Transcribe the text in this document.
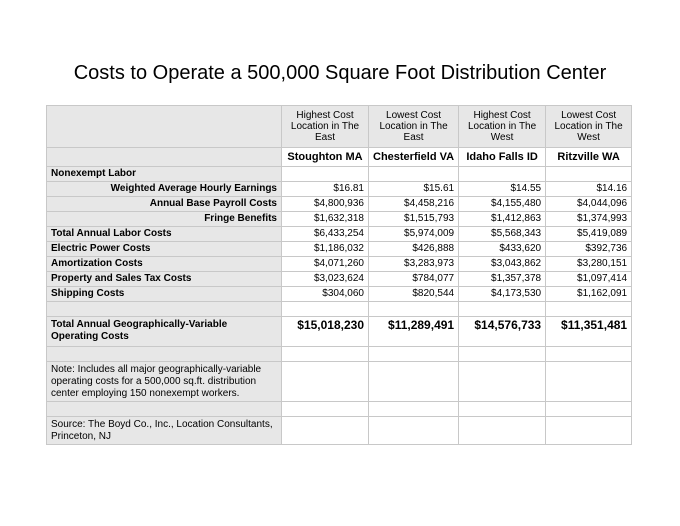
Costs to Operate a 500,000 Square Foot Distribution Center
	Highest Cost Location in The East	Lowest Cost Location in The East	Highest Cost Location in The West	Lowest Cost Location in The West
	Stoughton MA	Chesterfield VA	Idaho Falls ID	Ritzville WA
Nonexempt Labor				
Weighted Average Hourly Earnings	$16.81	$15.61	$14.55	$14.16
Annual Base Payroll Costs	$4,800,936	$4,458,216	$4,155,480	$4,044,096
Fringe Benefits	$1,632,318	$1,515,793	$1,412,863	$1,374,993
Total Annual Labor Costs	$6,433,254	$5,974,009	$5,568,343	$5,419,089
Electric Power Costs	$1,186,032	$426,888	$433,620	$392,736
Amortization Costs	$4,071,260	$3,283,973	$3,043,862	$3,280,151
Property and Sales Tax Costs	$3,023,624	$784,077	$1,357,378	$1,097,414
Shipping Costs	$304,060	$820,544	$4,173,530	$1,162,091

Total Annual Geographically-Variable Operating Costs	$15,018,230	$11,289,491	$14,576,733	$11,351,481

Note: Includes all major geographically-variable operating costs for a 500,000 sq.ft. distribution center employing 150 nonexempt workers.				

Source: The Boyd Co., Inc., Location Consultants, Princeton, NJ				
